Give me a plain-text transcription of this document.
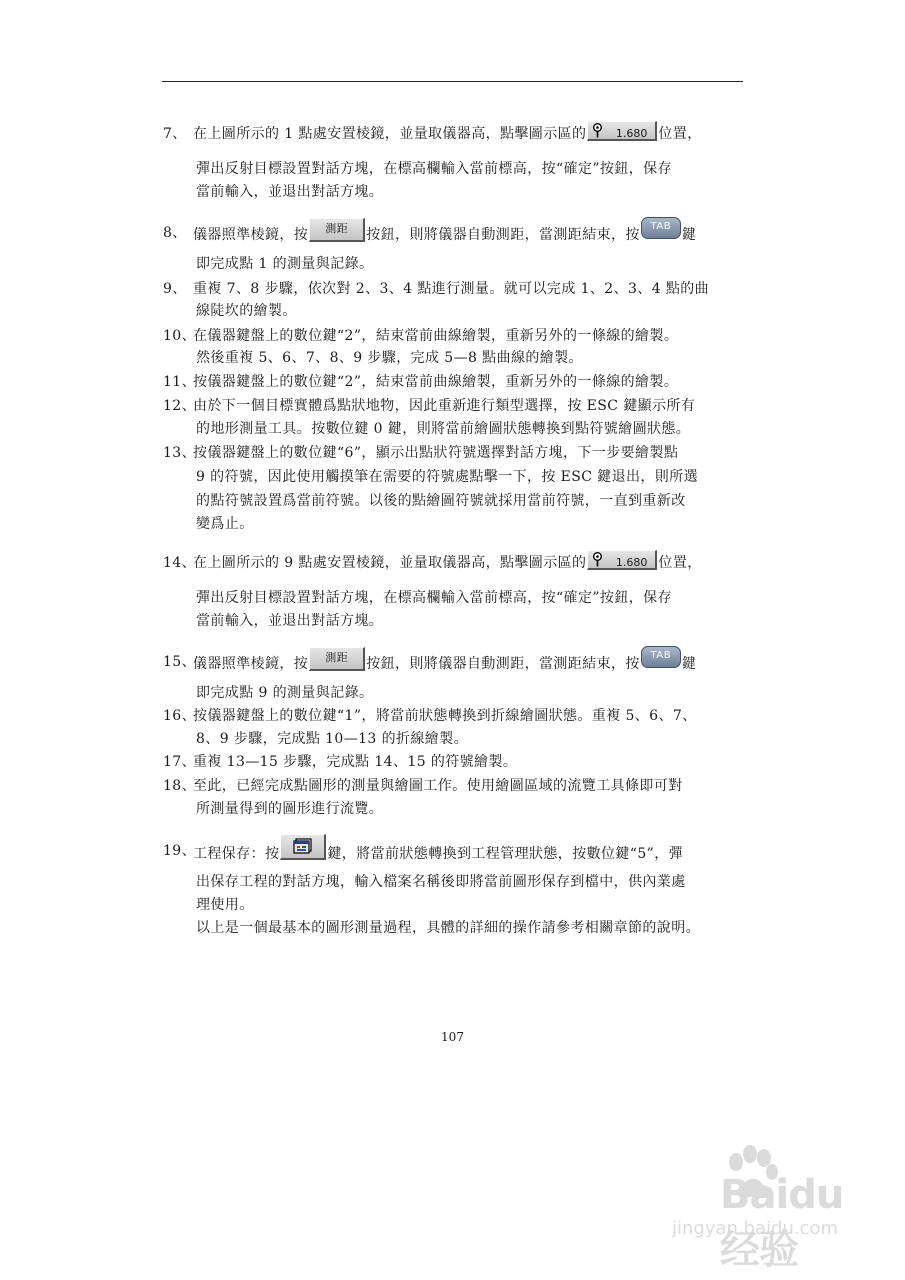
7、 在上圖所示的 1 點處安置棱鏡，並量取儀器高，點擊圖示區的	1.680 位置，
彈出反射目標設置對話方塊，在標高欄輸入當前標高，按“確定”按鈕，保存
當前輸入，並退出對話方塊。
8、 儀器照準棱鏡，按 測距 按鈕，則將儀器自動測距，當測距結束，按TAB鍵
即完成點 1 的測量與記錄。
9、 重複 7、8 步驟，依次對 2、3、4 點進行測量。就可以完成 1、2、3、4 點的曲
線陡坎的繪製。
10、
在儀器鍵盤上的數位鍵“2”，結束當前曲線繪製，重新另外的一條線的繪製。
然後重複 5、6、7、8、9 步驟，完成 5—8 點曲線的繪製。
11、
按儀器鍵盤上的數位鍵“2”，結束當前曲線繪製，重新另外的一條線的繪製。
12、
由於下一個目標實體爲點狀地物，因此重新進行類型選擇，按 ESC 鍵顯示所有
的地形測量工具。按數位鍵 0 鍵，則將當前繪圖狀態轉換到點符號繪圖狀態。
13、
按儀器鍵盤上的數位鍵“6”，顯示出點狀符號選擇對話方塊，下一步要繪製點
9 的符號，因此使用觸摸筆在需要的符號處點擊一下，按 ESC 鍵退出，則所選
的點符號設置爲當前符號。以後的點繪圖符號就採用當前符號，一直到重新改
變爲止。
14、
在上圖所示的 9 點處安置棱鏡，並量取儀器高，點擊圖示區的	1.680 位置，
彈出反射目標設置對話方塊，在標高欄輸入當前標高，按“確定”按鈕，保存
當前輸入，並退出對話方塊。
15、
儀器照準棱鏡，按 測距 按鈕，則將儀器自動測距，當測距結束，按TAB鍵
即完成點 9 的測量與記錄。
16、
按儀器鍵盤上的數位鍵“1”，將當前狀態轉換到折線繪圖狀態。重複 5、6、7、
8、9 步驟，完成點 10—13 的折線繪製。
17、
重複 13—15 步驟，完成點 14、15 的符號繪製。
18、
至此，已經完成點圖形的測量與繪圖工作。使用繪圖區域的流覽工具條即可對
所測量得到的圖形進行流覽。
19、
工程保存：按	鍵，將當前狀態轉換到工程管理狀態，按數位鍵“5”，彈
出保存工程的對話方塊，輸入檔案名稱後即將當前圖形保存到檔中，供內業處
理使用。
以上是一個最基本的圖形測量過程，具體的詳細的操作請參考相關章節的說明。
107
Baidu 经验
jingyan.baidu.com
